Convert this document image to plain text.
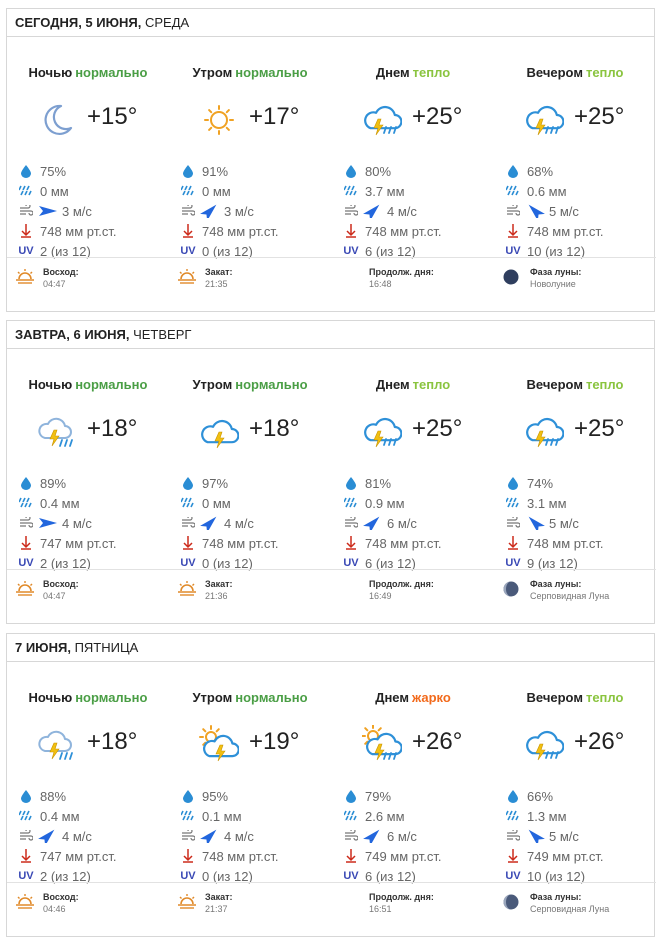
СЕГОДНЯ, 5 ИЮНЯ, СРЕДА
Ночью нормально
+15°
75%
0 мм
3 м/с
748 мм рт.ст.
UV 2 (из 12)
Утром нормально
+17°
91%
0 мм
3 м/с
748 мм рт.ст.
UV 0 (из 12)
Днем тепло
+25°
80%
3.7 мм
4 м/с
748 мм рт.ст.
UV 6 (из 12)
Вечером тепло
+25°
68%
0.6 мм
5 м/с
748 мм рт.ст.
UV 10 (из 12)
Восход:
04:47
Закат:
21:35
Продолж. дня:
16:48
Фаза луны:
Новолуние
ЗАВТРА, 6 ИЮНЯ, ЧЕТВЕРГ
Ночью нормально
+18°
89%
0.4 мм
4 м/с
747 мм рт.ст.
UV 2 (из 12)
Утром нормально
+18°
97%
0 мм
4 м/с
748 мм рт.ст.
UV 0 (из 12)
Днем тепло
+25°
81%
0.9 мм
6 м/с
748 мм рт.ст.
UV 6 (из 12)
Вечером тепло
+25°
74%
3.1 мм
5 м/с
748 мм рт.ст.
UV 9 (из 12)
Восход:
04:47
Закат:
21:36
Продолж. дня:
16:49
Фаза луны:
Серповидная Луна
7 ИЮНЯ, ПЯТНИЦА
Ночью нормально
+18°
88%
0.4 мм
4 м/с
747 мм рт.ст.
UV 2 (из 12)
Утром нормально
+19°
95%
0.1 мм
4 м/с
748 мм рт.ст.
UV 0 (из 12)
Днем жарко
+26°
79%
2.6 мм
6 м/с
749 мм рт.ст.
UV 6 (из 12)
Вечером тепло
+26°
66%
1.3 мм
5 м/с
749 мм рт.ст.
UV 10 (из 12)
Восход:
04:46
Закат:
21:37
Продолж. дня:
16:51
Фаза луны:
Серповидная Луна
